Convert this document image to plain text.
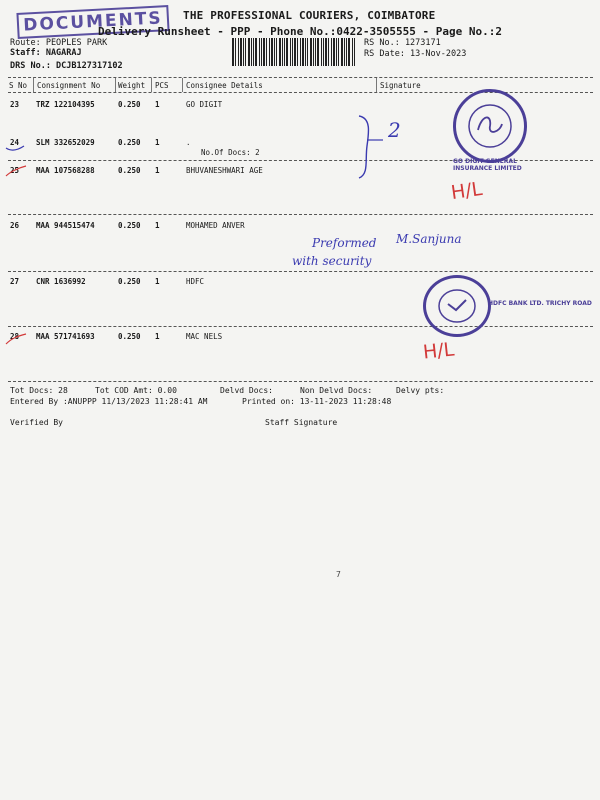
DOCUMENTS	THE PROFESSIONAL COURIERS, COIMBATORE
Delivery Runsheet - PPP - Phone No.:0422-3505555 - Page No.:2
Route: PEOPLES PARK
Staff: NAGARAJ
DRS No.: DCJB127317102
RS No.: 1273171
RS Date: 13-Nov-2023
S No Consignment No Weight PCS Consignee Details	Signature
23 TRZ 122104395	0.250 1	GO DIGIT
24 SLM 332652029	0.250 1	.
No.Of Docs: 2
25 MAA 107568288	0.250 1	BHUVANESHWARI AGE
26 MAA 944515474	0.250 1	MOHAMED ANVER
27 CNR 1636992	0.250 1	HDFC
28 MAA 571741693	0.250 1	MAC NELS
Tot Docs: 28	Tot COD Amt: 0.00	Delvd Docs:	Non Delvd Docs:	Delvy pts:
Entered By :ANUPPP 11/13/2023 11:28:41 AM	Printed on: 13-11-2023 11:28:48
Verified By	Staff Signature
7
GO DIGIT GENERAL INSURANCE LIMITED
HDFC BANK LTD. TRICHY ROAD
2
Preformed M.Sanjuna
with security
H/L
H/L
